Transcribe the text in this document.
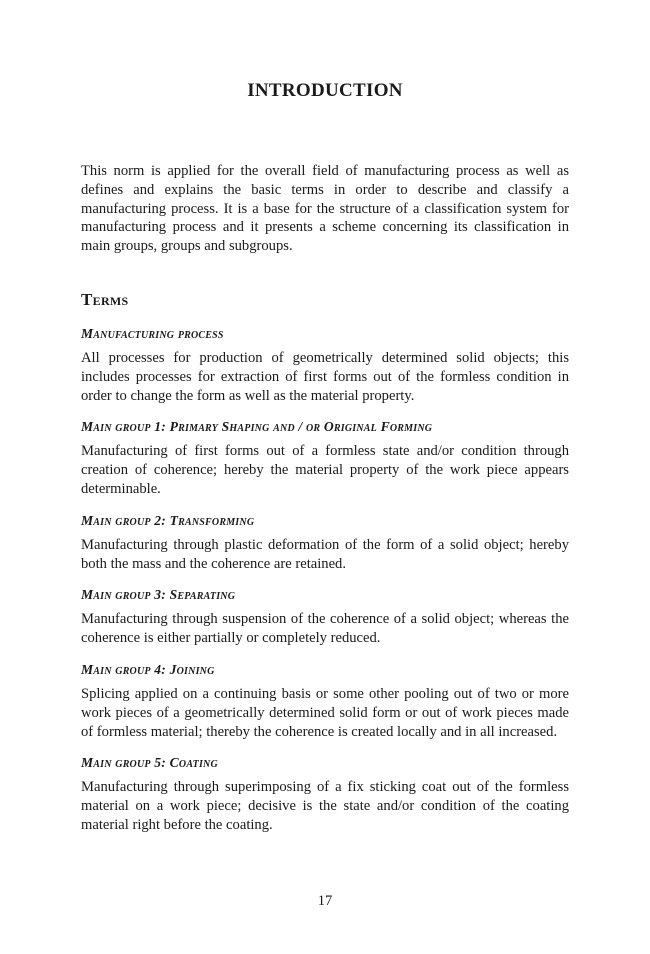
INTRODUCTION

This norm is applied for the overall field of manufacturing process as well as defines and explains the basic terms in order to describe and classify a manufacturing process. It is a base for the structure of a classification system for manufacturing process and it presents a scheme concerning its classification in main groups, groups and subgroups.

Terms
Manufacturing process

All processes for production of geometrically determined solid objects; this includes processes for extraction of first forms out of the formless condition in order to change the form as well as the material property.

Main group 1: Primary Shaping and / or Original Forming

Manufacturing of first forms out of a formless state and/or condition through creation of coherence; hereby the material property of the work piece appears determinable.

Main group 2: Transforming

Manufacturing through plastic deformation of the form of a solid object; hereby both the mass and the coherence are retained.

Main group 3: Separating

Manufacturing through suspension of the coherence of a solid object; whereas the coherence is either partially or completely reduced.

Main group 4: Joining

Splicing applied on a continuing basis or some other pooling out of two or more work pieces of a geometrically determined solid form or out of work pieces made of formless material; thereby the coherence is created locally and in all increased.

Main group 5: Coating

Manufacturing through superimposing of a fix sticking coat out of the formless material on a work piece; decisive is the state and/or condition of the coating material right before the coating.

17
